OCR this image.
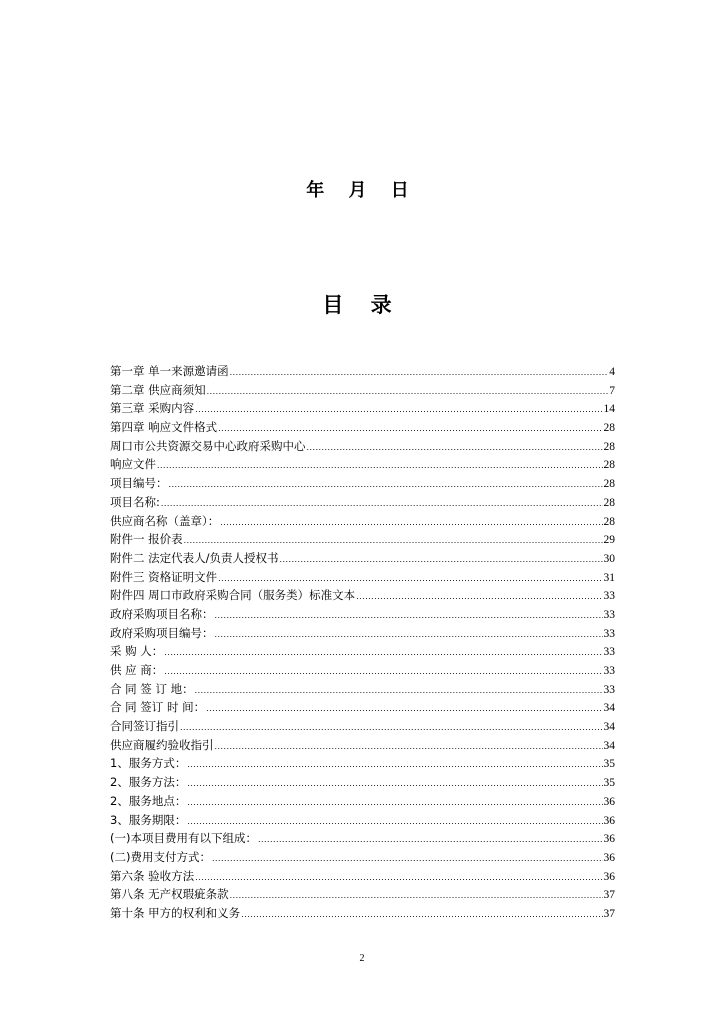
年 月 日
目 录
第一章 单一来源邀请函 .....	4
第二章 供应商须知 .....	7
第三章 采购内容 .....	14
第四章 响应文件格式 .....	28
周口市公共资源交易中心政府采购中心 .....	28
响应文件 .....	28
项目编号： .....	28
项目名称: .....	28
供应商名称（盖章）： .....	28
附件一 报价表 .....	29
附件二 法定代表人/负责人授权书 .....	30
附件三 资格证明文件 .....	31
附件四 周口市政府采购合同（服务类）标准文本 .....	33
政府采购项目名称： .....	33
政府采购项目编号： .....	33
采 购 人： .....	33
供 应 商： .....	33
合 同 签 订 地： .....	33
合 同 签订 时 间： .....	34
合同签订指引 .....	34
供应商履约验收指引 .....	34
1、服务方式： .....	35
2、服务方法： .....	35
2、服务地点： .....	36
3、服务期限： .....	36
(一)本项目费用有以下组成： .....	36
(二)费用支付方式： .....	36
第六条 验收方法 .....	36
第八条 无产权瑕疵条款 .....	37
第十条 甲方的权利和义务 .....	37
2
